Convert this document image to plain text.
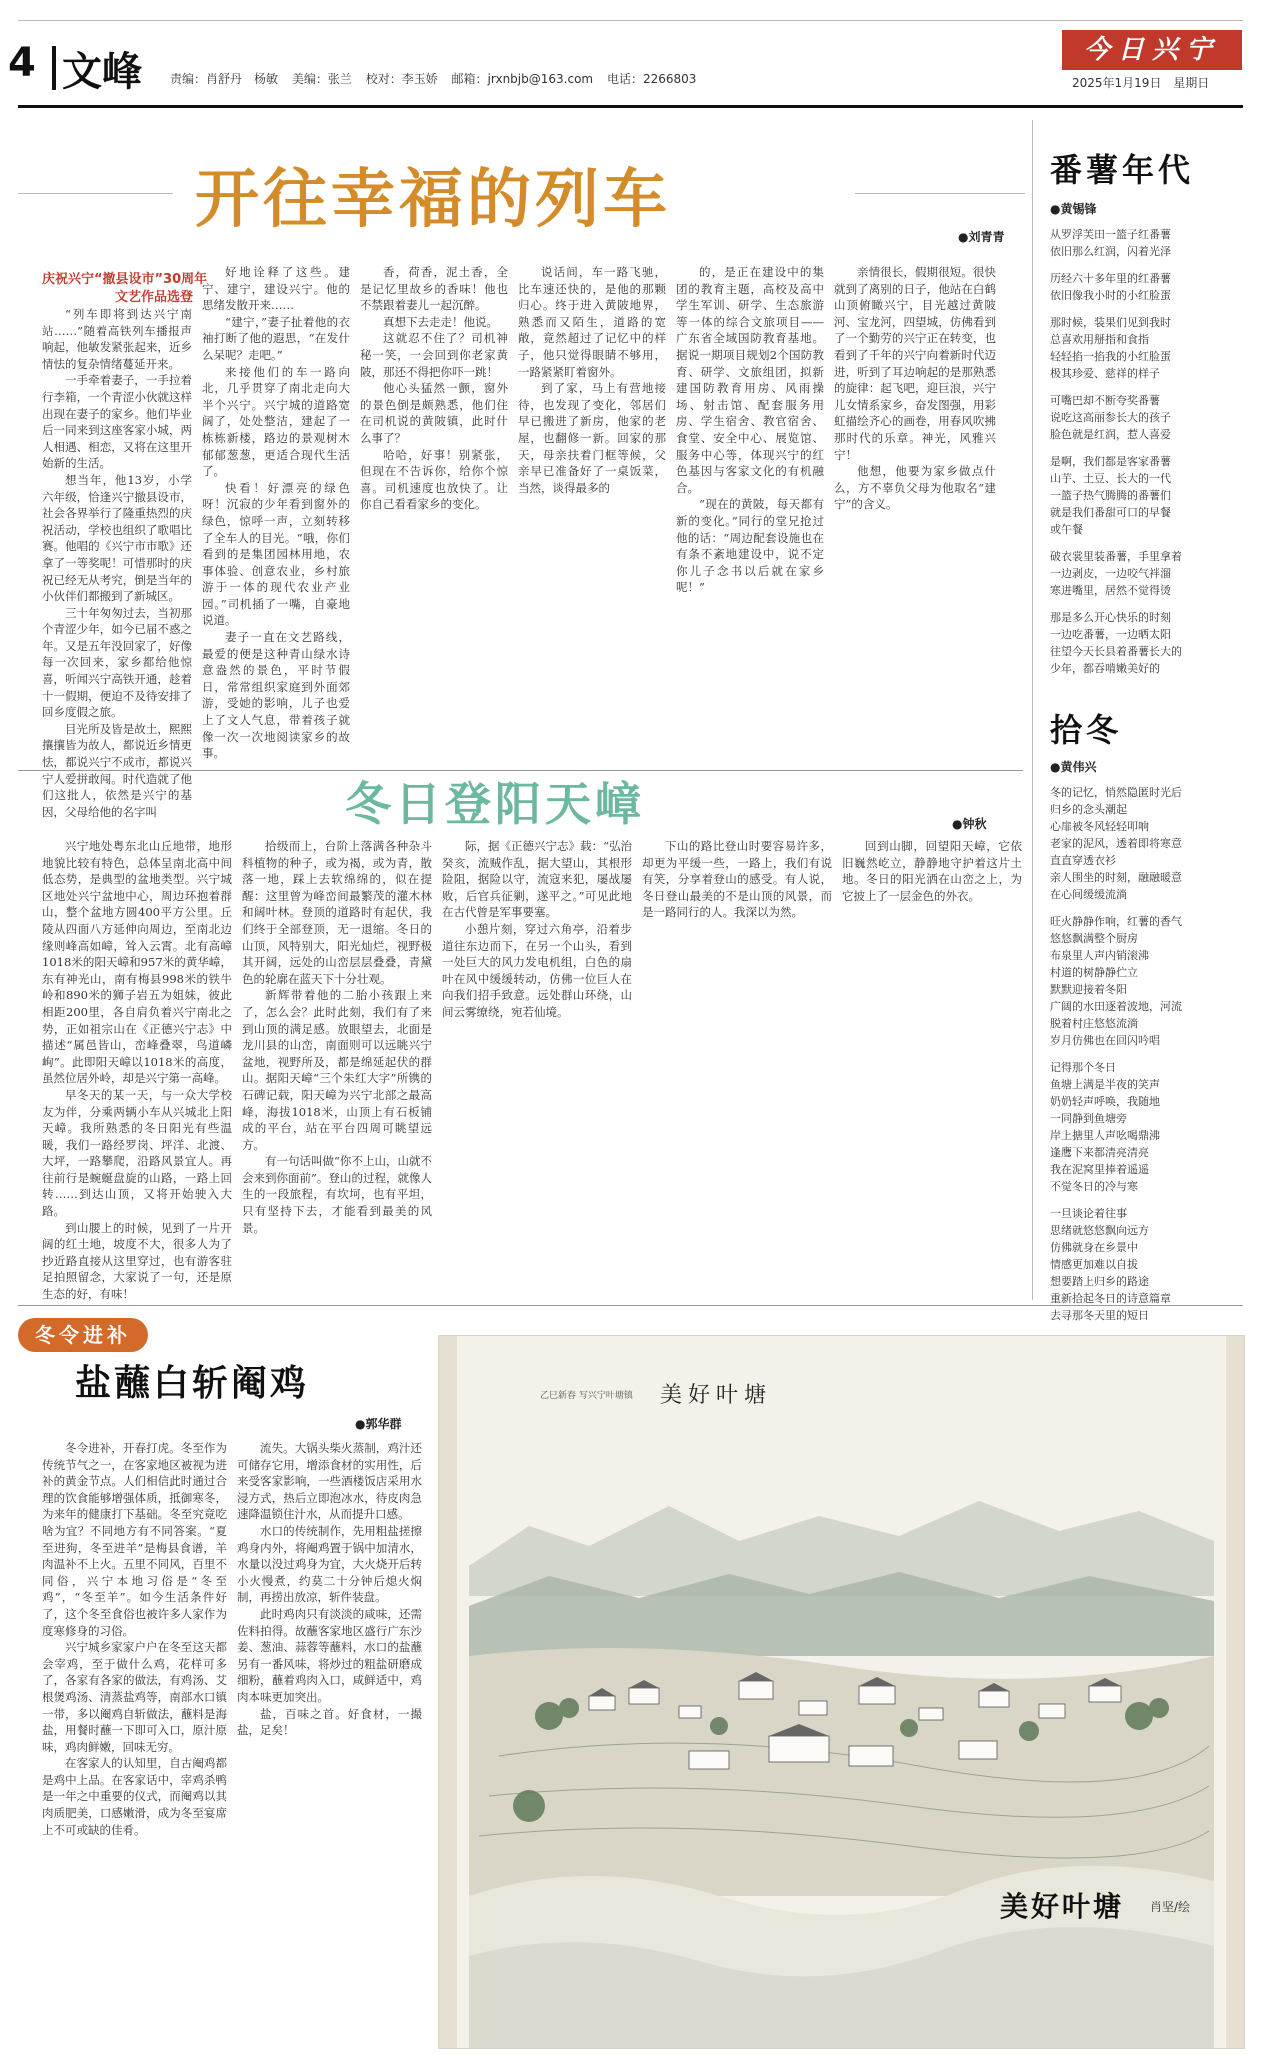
4 文峰 责编：肖舒丹　杨敏 美编：张兰 校对：李玉娇 邮箱：jrxnbjb@163.com 电话：2266803
今日兴宁
2025年1月19日 星期日
开往幸福的列车	●刘青青
庆祝兴宁“撤县设市”30周年
文艺作品选登

“列车即将到达兴宁南站……”随着高铁列车播报声响起，他敏发紧张起来，近乡情怯的复杂情绪蔓延开来。

一手牵着妻子，一手拉着行李箱，一个青涩小伙就这样出现在妻子的家乡。他们毕业后一同来到这座客家小城，两人相遇、相恋，又将在这里开始新的生活。

想当年，他13岁，小学六年级，恰逢兴宁撤县设市，社会各界举行了隆重热烈的庆祝活动，学校也组织了歌唱比赛。他唱的《兴宁市市歌》还拿了一等奖呢！可惜那时的庆祝已经无从考究，倒是当年的小伙伴们都搬到了新城区。

三十年匆匆过去，当初那个青涩少年，如今已届不惑之年。又是五年没回家了，好像每一次回来，家乡都给他惊喜，听闻兴宁高铁开通，趁着十一假期，便迫不及待安排了回乡度假之旅。

目光所及皆是故土，熙熙攘攘皆为故人，都说近乡情更怯，都说兴宁不成市，都说兴宁人爱拼敢闯。时代造就了他们这批人，依然是兴宁的基因，父母给他的名字叫

好地诠释了这些。建宁、建宁，建设兴宁。他的思绪发散开来……

“建宁，”妻子扯着他的衣袖打断了他的遐思，“在发什么呆呢？走吧。”

来接他们的车一路向北，几乎贯穿了南北走向大半个兴宁。兴宁城的道路宽阔了，处处整洁，建起了一栋栋新楼，路边的景观树木郁郁葱葱，更适合现代生活了。

快看！好漂亮的绿色呀！沉寂的少年看到窗外的绿色，惊呼一声，立刻转移了全车人的目光。“哦，你们看到的是集团园林用地，农事体验、创意农业，乡村旅游于一体的现代农业产业园。”司机插了一嘴，自豪地说道。

妻子一直在文艺路线，最爱的便是这种青山绿水诗意盎然的景色，平时节假日，常常组织家庭到外面郊游，受她的影响，儿子也爱上了文人气息，带着孩子就像一次一次地阅读家乡的故事。

香，荷香，泥土香，全是记忆里故乡的香味！他也不禁跟着妻儿一起沉醉。

真想下去走走！他说。

这就忍不住了？司机神秘一笑，一会回到你老家黄陂，那还不得把你吓一跳！

他心头猛然一颤，窗外的景色倒是颇熟悉，他们住在司机说的黄陂镇，此时什么事了？

哈哈，好事！别紧张，但现在不告诉你，给你个惊喜。司机速度也放快了。让你自己看看家乡的变化。

说话间，车一路飞驰，比车速还快的，是他的那颗归心。终于进入黄陂地界，熟悉而又陌生，道路的宽敞，竟然超过了记忆中的样子，他只觉得眼睛不够用，一路紧紧盯着窗外。

到了家，马上有营地接待，也发现了变化，邻居们早已搬进了新房，他家的老屋，也翻修一新。回家的那天，母亲扶着门框等候，父亲早已准备好了一桌饭菜，当然，谈得最多的

的，是正在建设中的集团的教育主题，高校及高中学生军训、研学、生态旅游等一体的综合文旅项目——广东省全域国防教育基地。据说一期项目规划2个国防教育、研学、文旅组团，拟新建国防教育用房、风雨操场、射击馆、配套服务用房、学生宿舍、教官宿舍、食堂、安全中心、展览馆、服务中心等，体现兴宁的红色基因与客家文化的有机融合。

“现在的黄陂，每天都有新的变化。”同行的堂兄抢过他的话：“周边配套设施也在有条不紊地建设中，说不定你儿子念书以后就在家乡呢！”

亲情很长，假期很短。很快就到了离别的日子，他站在白鹤山顶俯瞰兴宁，目光越过黄陂河、宝龙河，四望城，仿佛看到了一个勤劳的兴宁正在转变，也看到了千年的兴宁向着新时代迈进，听到了耳边响起的是那熟悉的旋律：起飞吧，迎巨浪，兴宁儿女情系家乡，奋发图强，用彩虹描绘齐心的画卷，用春风吹拂那时代的乐章。神光，风雅兴宁！

他想，他要为家乡做点什么，方不辜负父母为他取名“建宁”的含义。

冬日登阳天嶂	●钟秋

兴宁地处粤东北山丘地带，地形地貌比较有特色，总体呈南北高中间低态势，是典型的盆地类型。兴宁城区地处兴宁盆地中心，周边环抱着群山，整个盆地方圆400平方公里。丘陵从四面八方延伸向周边，至南北边缘则峰高如嶂，耸入云霄。北有高嶂1018米的阳天嶂和957米的黄华嶂，东有神光山，南有梅县998米的铁牛岭和890米的狮子岩五为姐妹，彼此相距200里，各自肩负着兴宁南北之势，正如祖宗山在《正德兴宁志》中描述“属邑皆山，峦峰叠翠，鸟道嶙峋”。此即阳天嶂以1018米的高度，虽然位居外岭，却是兴宁第一高峰。

早冬天的某一天，与一众大学校友为伴，分乘两辆小车从兴城北上阳天嶂。我所熟悉的冬日阳光有些温暖，我们一路经罗岗、坪洋、北渡、大坪，一路攀爬，沿路风景宜人。再往前行是蜿蜒盘旋的山路，一路上回转……到达山顶，又将开始驶入大路。

到山腰上的时候，见到了一片开阔的红土地，坡度不大，很多人为了抄近路直接从这里穿过，也有游客驻足拍照留念，大家说了一句，还是原生态的好，有味！

拾级而上，台阶上落满各种杂斗科植物的种子，或为褐，或为青，散落一地，踩上去软绵绵的，似在提醒：这里曾为峰峦间最繁茂的灌木林和阔叶林。登顶的道路时有起伏，我们终于全部登顶，无一退缩。冬日的山顶，风特别大，阳光灿烂，视野极其开阔，远处的山峦层层叠叠，青黛色的轮廓在蓝天下十分壮观。

新辉带着他的二胎小孩跟上来了，怎么会？此时此刻，我们有了来到山顶的满足感。放眼望去，北面是龙川县的山峦，南面则可以远眺兴宁盆地，视野所及，都是绵延起伏的群山。据阳天嶂“三个朱红大字”所镌的石碑记载，阳天嶂为兴宁北部之最高峰，海拔1018米，山顶上有石板铺成的平台，站在平台四周可眺望远方。

有一句话叫做“你不上山，山就不会来到你面前”。登山的过程，就像人生的一段旅程，有坎坷，也有平坦，只有坚持下去，才能看到最美的风景。

际，据《正德兴宁志》载：“弘治癸亥，流贼作乱，据大望山，其根形险阻，据险以守，流寇来犯，屡战屡败，后官兵征剿，遂平之。”可见此地在古代曾是军事要塞。

小憩片刻，穿过六角亭，沿着步道往东边而下，在另一个山头，看到一处巨大的风力发电机组，白色的扇叶在风中缓缓转动，仿佛一位巨人在向我们招手致意。远处群山环绕，山间云雾缭绕，宛若仙境。

下山的路比登山时要容易许多，却更为平缓一些，一路上，我们有说有笑，分享着登山的感受。有人说，冬日登山最美的不是山顶的风景，而是一路同行的人。我深以为然。

回到山脚，回望阳天嶂，它依旧巍然屹立，静静地守护着这片土地。冬日的阳光洒在山峦之上，为它披上了一层金色的外衣。

番薯年代
●黄锡锋
从罗浮芙田一篮子红番薯
依旧那么红润，闪着光泽
历经六十多年里的红番薯
依旧像我小时的小红脸蛋
那时候，装果们见到我时
总喜欢用掰指和食指
轻轻掐一掐我的小红脸蛋
极其珍爱、慈祥的样子
可嘴巴却不断夸奖番薯
说吃这高丽参长大的孩子
脸色就是红润，惹人喜爱
是啊，我们都是客家番薯
山芋、土豆、长大的一代
一篮子热气腾腾的番薯们
就是我们番甜可口的早餐
或午餐
破衣裳里装番薯，手里拿着
一边剥皮，一边咬气袢溜
寒进嘴里，居然不觉得烫
那是多么开心快乐的时刻
一边吃番薯，一边晒太阳
往望今天长县着番薯长大的
少年，都吞啃嫩美好的
拾冬
●黄伟兴
冬的记忆，悄然隐匿时光后
归乡的念头潮起
心扉被冬风轻轻叩响
老家的泥风，透着即将寒意
直直穿透衣衫
亲人围坐的时刻，融融暖意
在心间缓缓流淌
旺火静静作响，红薯的香气
悠悠飘满整个厨房
布泉里人声内销滚沸
村道的树静静伫立
默默迎接着冬阳
广阔的水田逐着波地，河流
脱着村庄悠悠流淌
岁月仿佛也在回闪吟唱
记得那个冬日
鱼塘上满是半夜的笑声
奶奶轻声呼唤，我随地
一同静到鱼塘旁
岸上搪里人声吆喝鼎沸
逢鹰下来都清亮清亮
我在泥窝里捧着遥遥
不觉冬日的冷与寒
一旦谈论着往事
思绪就悠悠飘向远方
仿佛就身在乡景中
情感更加难以自拔
想要踏上归乡的路途
重新拾起冬日的诗意篇章
去寻那冬天里的短日
冬令进补
盐蘸白斩阉鸡
●郭华群

冬令进补，开春打虎。冬至作为传统节气之一，在客家地区被视为进补的黄金节点。人们相信此时通过合理的饮食能够增强体质，抵御寒冬，为来年的健康打下基础。冬至究竟吃啥为宜？不同地方有不同答案。“夏至进狗，冬至进羊”是梅县食谱，羊肉温补不上火。五里不同风，百里不同俗，兴宁本地习俗是“冬至鸡”，“冬至羊”。如今生活条件好了，这个冬至食俗也被许多人家作为度寒修身的习俗。

兴宁城乡家家户户在冬至这天都会宰鸡，至于做什么鸡，花样可多了，各家有各家的做法，有鸡汤、艾根煲鸡汤、清蒸盐鸡等，南部水口镇一带，多以阉鸡自斩做法，蘸料是海盐，用餐时蘸一下即可入口，原汁原味，鸡肉鲜嫩，回味无穷。

在客家人的认知里，自古阉鸡都是鸡中上品。在客家话中，宰鸡杀鸭是一年之中重要的仪式，而阉鸡以其肉质肥美，口感嫩滑，成为冬至宴席上不可或缺的佳肴。

流失。大锅头柴火蒸制，鸡汁还可储存它用，增添食材的实用性，后来受客家影响，一些酒楼饭店采用水浸方式，热后立即泡冰水，待皮肉急速降温锁住汁水，从而提升口感。

水口的传统制作，先用粗盐搓擦鸡身内外，将阉鸡置于锅中加清水，水量以没过鸡身为宜，大火烧开后转小火慢煮，约莫二十分钟后熄火焖制，再捞出放凉，斩件装盘。

此时鸡肉只有淡淡的咸味，还需佐料拍得。故蘸客家地区盛行广东沙姜、葱油、蒜蓉等蘸料，水口的盐蘸另有一番风味，将炒过的粗盐研磨成细粉，蘸着鸡肉入口，咸鲜适中，鸡肉本味更加突出。

盐，百味之首。好食材，一撮盐，足矣！

乙巳新春 写兴宁叶塘镇 美好叶塘
美好叶塘 肖坚/绘
